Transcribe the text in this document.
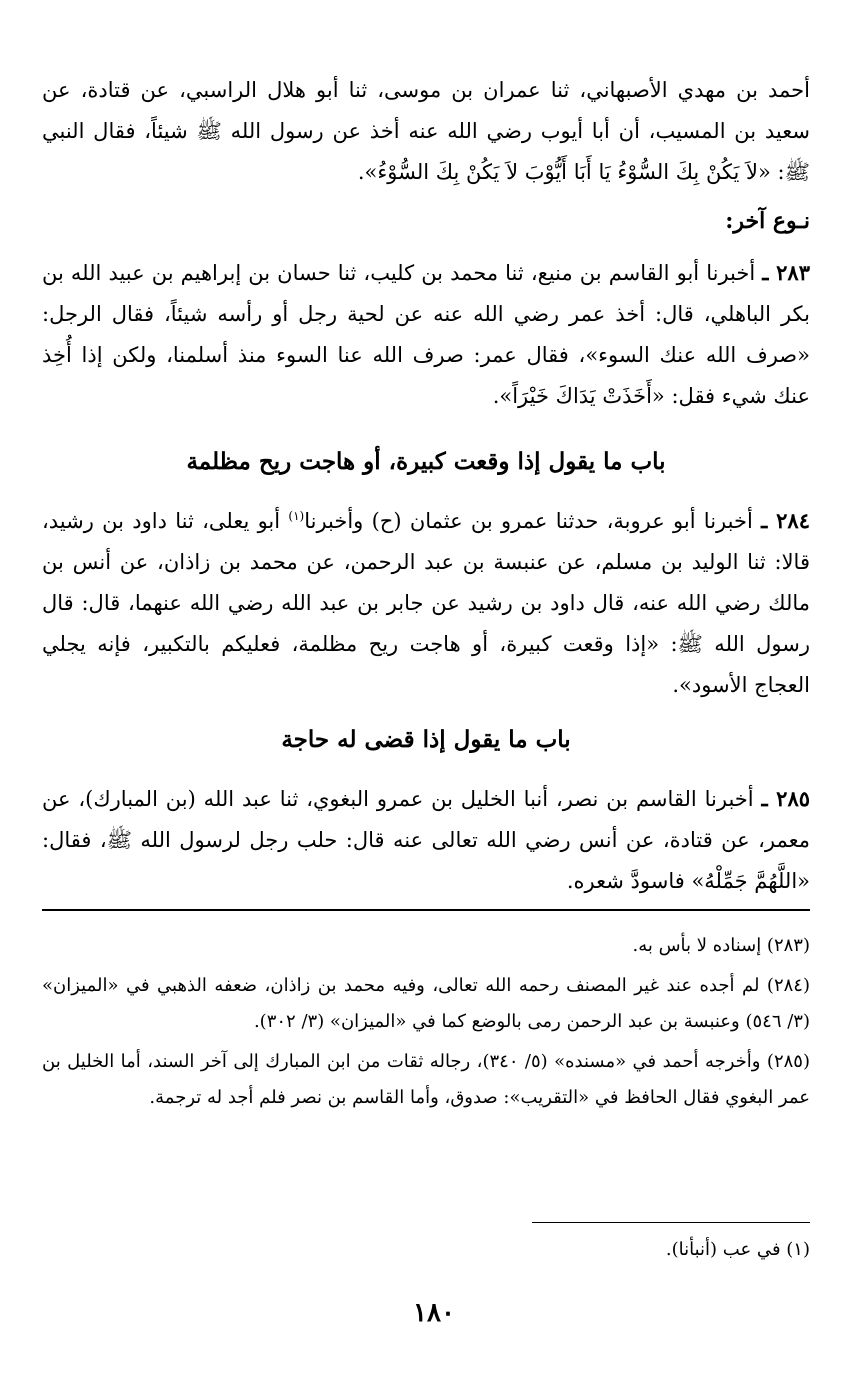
أحمد بن مهدي الأصبهاني، ثنا عمران بن موسى، ثنا أبو هلال الراسبي، عن قتادة، عن سعيد بن المسيب، أن أبا أيوب رضي الله عنه أخذ عن رسول الله ﷺ شيئاً، فقال النبي ﷺ: «لاَ يَكُنْ بِكَ السُّوْءُ يَا أَبَا أَيُّوْبَ لاَ يَكُنْ بِكَ السُّوْءُ».

نـوع آخر:

٢٨٣ ـ أخبرنا أبو القاسم بن منيع، ثنا محمد بن كليب، ثنا حسان بن إبراهيم بن عبيد الله بن بكر الباهلي، قال: أخذ عمر رضي الله عنه عن لحية رجل أو رأسه شيئاً، فقال الرجل: «صرف الله عنك السوء»، فقال عمر: صرف الله عنا السوء منذ أسلمنا، ولكن إذا أُخِذ عنك شيء فقل: «أَخَذَتْ يَدَاكَ خَيْرَاً».

باب ما يقول إذا وقعت كبيرة، أو هاجت ريح مظلمة

٢٨٤ ـ أخبرنا أبو عروبة، حدثنا عمرو بن عثمان (ح) وأخبرنا$^{(١)}$ أبو يعلى، ثنا داود بن رشيد، قالا: ثنا الوليد بن مسلم، عن عنبسة بن عبد الرحمن، عن محمد بن زاذان، عن أنس بن مالك رضي الله عنه، قال داود بن رشيد عن جابر بن عبد الله رضي الله عنهما، قال: قال رسول الله ﷺ: «إذا وقعت كبيرة، أو هاجت ريح مظلمة، فعليكم بالتكبير، فإنه يجلي العجاج الأسود».

باب ما يقول إذا قضى له حاجة

٢٨٥ ـ أخبرنا القاسم بن نصر، أنبا الخليل بن عمرو البغوي، ثنا عبد الله (بن المبارك)، عن معمر، عن قتادة، عن أنس رضي الله تعالى عنه قال: حلب رجل لرسول الله ﷺ، فقال: «اللَّهُمَّ جَمِّلْهُ» فاسودَّ شعره.

(٢٨٣) إسناده لا بأس به.

(٢٨٤) لم أجده عند غير المصنف رحمه الله تعالى، وفيه محمد بن زاذان، ضعفه الذهبي في «الميزان» (٣/ ٥٤٦) وعنبسة بن عبد الرحمن رمى بالوضع كما في «الميزان» (٣/ ٣٠٢).

(٢٨٥) وأخرجه أحمد في «مسنده» (٥/ ٣٤٠)، رجاله ثقات من ابن المبارك إلى آخر السند، أما الخليل بن عمر البغوي فقال الحافظ في «التقريب»: صدوق، وأما القاسم بن نصر فلم أجد له ترجمة.

(١) في عب (أنبأنا).

١٨٠
